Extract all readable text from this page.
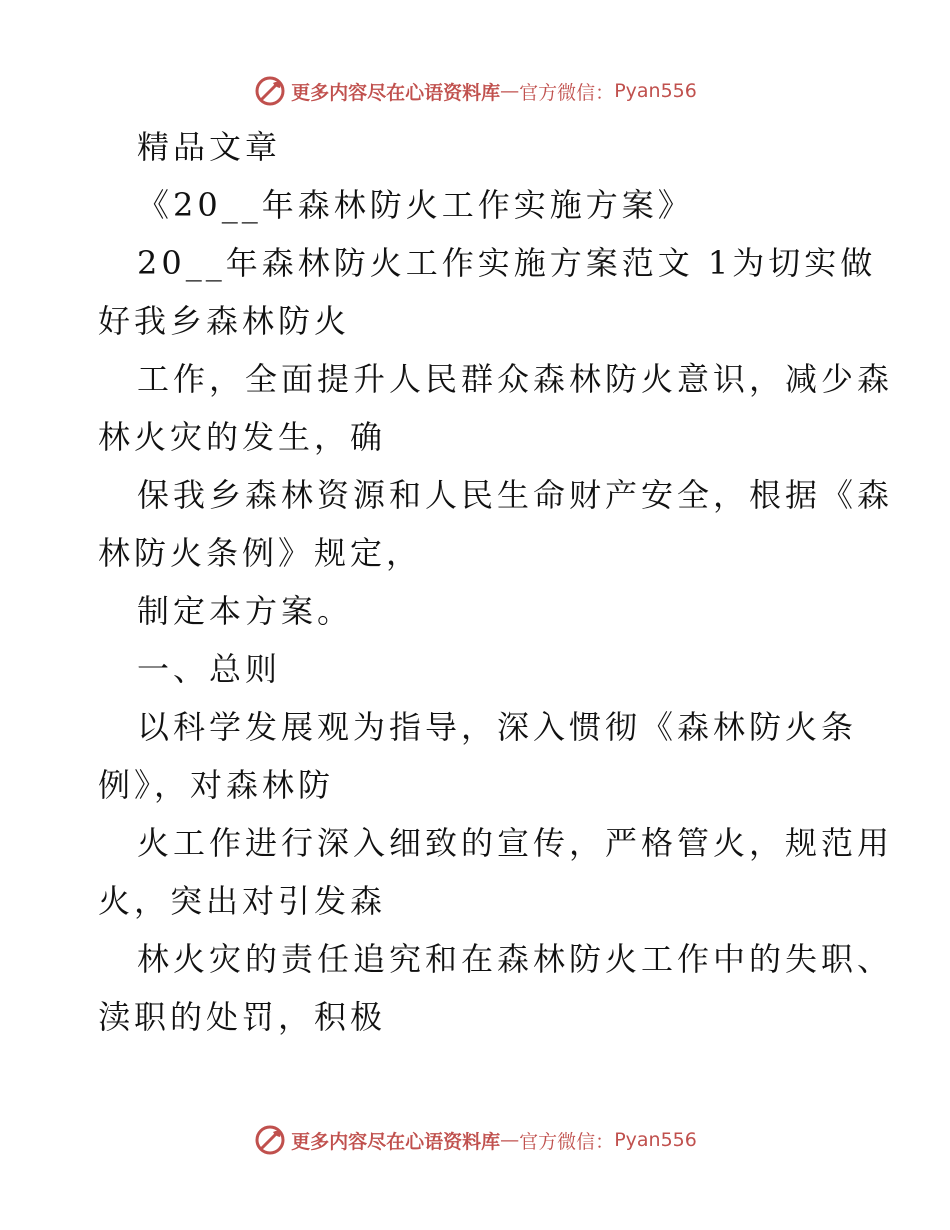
更多内容尽在心语资料库 — 官方微信： Pyan556
精品文章
《20__年森林防火工作实施方案》
20__年森林防火工作实施方案范文 1为切实做
好我乡森林防火
工作，全面提升人民群众森林防火意识，减少森
林火灾的发生，确
保我乡森林资源和人民生命财产安全，根据《森
林防火条例》规定，
制定本方案。
一、总则
以科学发展观为指导，深入惯彻《森林防火条
例》，对森林防
火工作进行深入细致的宣传，严格管火，规范用
火，突出对引发森
林火灾的责任追究和在森林防火工作中的失职、
渎职的处罚，积极
更多内容尽在心语资料库 — 官方微信： Pyan556
